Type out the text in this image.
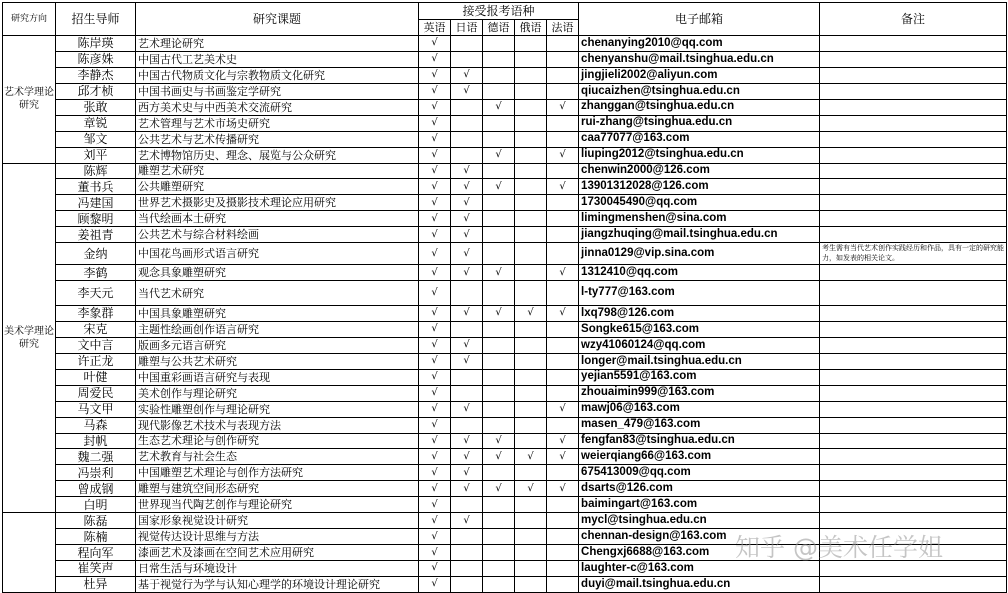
研究方向	招生导师	研究课题	接受报考语种					电子邮箱	备注
			英语	日语	德语	俄语	法语		
艺术学理论研究	陈岸瑛	艺术理论研究	√					chenanying2010@qq.com	
	陈彦姝	中国古代工艺美术史	√					chenyanshu@mail.tsinghua.edu.cn	
	李静杰	中国古代物质文化与宗教物质文化研究	√	√				jingjieli2002@aliyun.com	
	邱才桢	中国书画史与书画鉴定学研究	√	√				qiucaizhen@tsinghua.edu.cn	
	张敢	西方美术史与中西美术交流研究	√		√		√	zhanggan@tsinghua.edu.cn	
	章锐	艺术管理与艺术市场史研究	√					rui-zhang@tsinghua.edu.cn	
	邹文	公共艺术与艺术传播研究	√					caa77077@163.com	
	刘平	艺术博物馆历史、理念、展览与公众研究	√		√		√	liuping2012@tsinghua.edu.cn	
美术学理论研究	陈辉	雕塑艺术研究	√	√				chenwin2000@126.com	
	董书兵	公共雕塑研究	√	√	√		√	13901312028@126.com	
	冯建国	世界艺术摄影史及摄影技术理论应用研究	√	√				1730045490@qq.com	
	顾黎明	当代绘画本土研究	√	√				limingmenshen@sina.com	
	姜祖青	公共艺术与综合材料绘画	√	√				jiangzhuqing@mail.tsinghua.edu.cn	
	金纳	中国花鸟画形式语言研究	√	√				jinna0129@vip.sina.com	考生需有当代艺术创作实践经历和作品，具有一定的研究能力，如发表的相关论文。
	李鹤	观念具象雕塑研究	√	√	√		√	1312410@qq.com	
	李天元	当代艺术研究	√					l-ty777@163.com	
	李象群	中国具象雕塑研究	√	√	√	√	√	lxq798@126.com	
	宋克	主题性绘画创作语言研究	√					Songke615@163.com	
	文中言	版画多元语言研究	√	√				wzy41060124@qq.com	
	许正龙	雕塑与公共艺术研究	√	√				longer@mail.tsinghua.edu.cn	
	叶健	中国重彩画语言研究与表现	√					yejian5591@163.com	
	周爱民	美术创作与理论研究	√					zhouaimin999@163.com	
	马文甲	实验性雕塑创作与理论研究	√	√			√	mawj06@163.com	
	马森	现代影像艺术技术与表现方法	√					masen_479@163.com	
	封帆	生态艺术理论与创作研究	√	√	√		√	fengfan83@tsinghua.edu.cn	
	魏二强	艺术教育与社会生态	√	√	√	√	√	weierqiang66@163.com	
	冯崇利	中国雕塑艺术理论与创作方法研究	√	√				675413009@qq.com	
	曾成钢	雕塑与建筑空间形态研究	√	√	√	√	√	dsarts@126.com	
	白明	世界现当代陶艺创作与理论研究	√					baimingart@163.com	
	陈磊	国家形象视觉设计研究	√	√				mycl@tsinghua.edu.cn	
	陈楠	视觉传达设计思维与方法	√					chennan-design@163.com	
	程向军	漆画艺术及漆画在空间艺术应用研究	√					Chengxj6688@163.com	
	崔笑声	日常生活与环境设计	√					laughter-c@163.com	
	杜异	基于视觉行为学与认知心理学的环境设计理论研究	√					duyi@mail.tsinghua.edu.cn	
知乎 @美术任学姐
